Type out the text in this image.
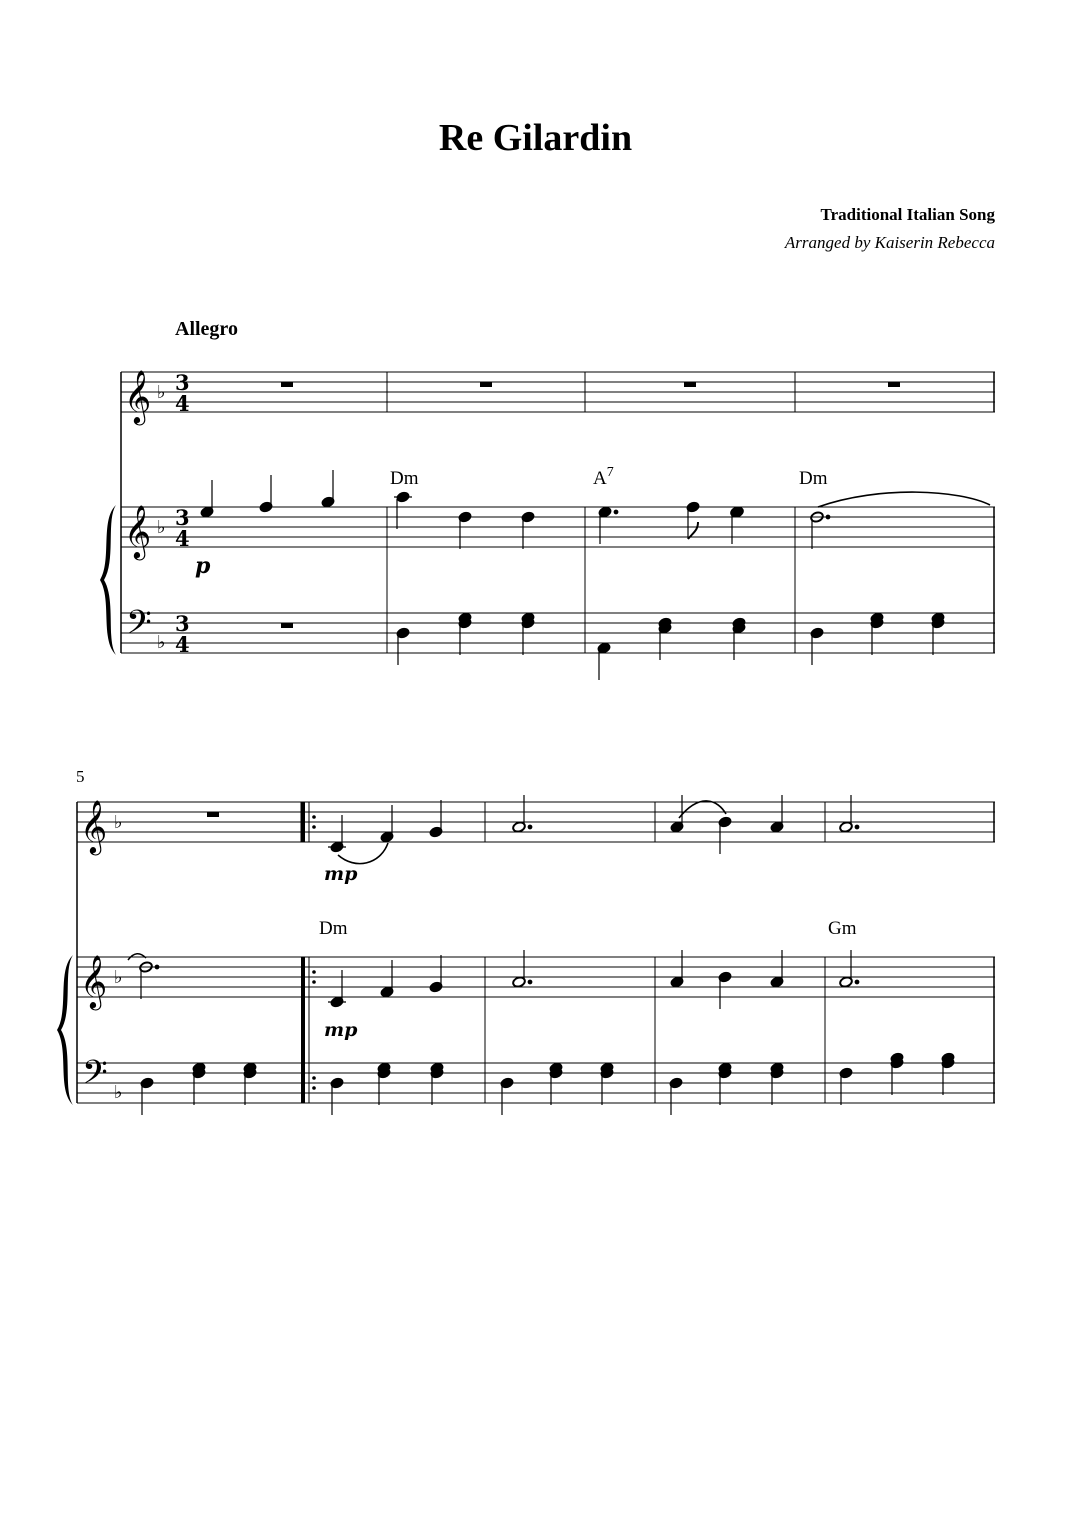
Re Gilardin
Traditional Italian Song
Arranged by Kaiserin Rebecca
Allegro
𝄞
𝄞
𝄢
♭
♭
♭
3
4
3
4
3
4
Dm	$A^7$	Dm
p
5
𝄞
𝄞
𝄢
♭
♭
♭
Dm	Gm
mp
mp
